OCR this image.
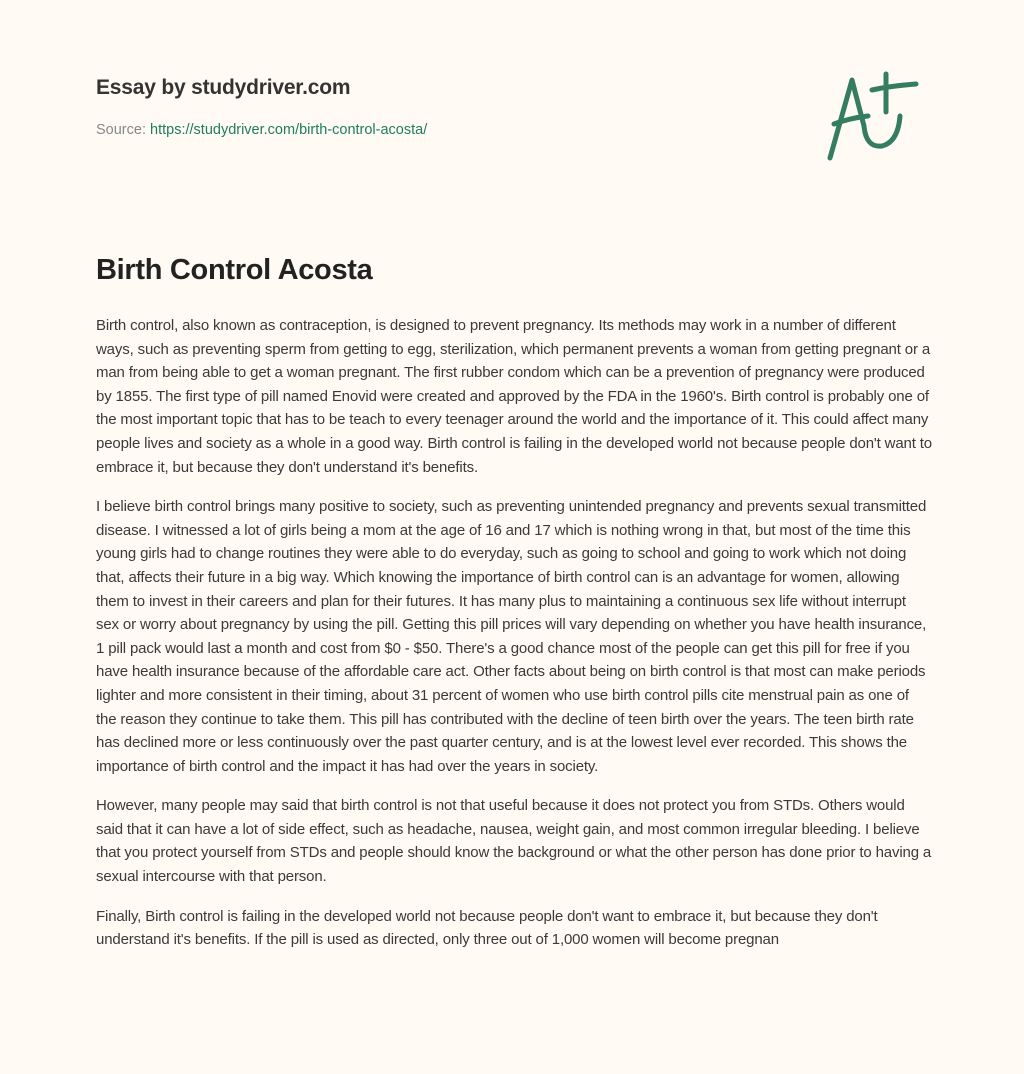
Essay by studydriver.com
Source: https://studydriver.com/birth-control-acosta/
Birth Control Acosta

Birth control, also known as contraception, is designed to prevent pregnancy. Its methods may work in a number of different ways, such as preventing sperm from getting to egg, sterilization, which permanent prevents a woman from getting pregnant or a man from being able to get a woman pregnant. The first rubber condom which can be a prevention of pregnancy were produced by 1855. The first type of pill named Enovid were created and approved by the FDA in the 1960's. Birth control is probably one of the most important topic that has to be teach to every teenager around the world and the importance of it. This could affect many people lives and society as a whole in a good way. Birth control is failing in the developed world not because people don't want to embrace it, but because they don't understand it's benefits.

I believe birth control brings many positive to society, such as preventing unintended pregnancy and prevents sexual transmitted disease. I witnessed a lot of girls being a mom at the age of 16 and 17 which is nothing wrong in that, but most of the time this young girls had to change routines they were able to do everyday, such as going to school and going to work which not doing that, affects their future in a big way. Which knowing the importance of birth control can is an advantage for women, allowing them to invest in their careers and plan for their futures. It has many plus to maintaining a continuous sex life without interrupt sex or worry about pregnancy by using the pill. Getting this pill prices will vary depending on whether you have health insurance, 1 pill pack would last a month and cost from $0 - $50. There's a good chance most of the people can get this pill for free if you have health insurance because of the affordable care act. Other facts about being on birth control is that most can make periods lighter and more consistent in their timing, about 31 percent of women who use birth control pills cite menstrual pain as one of the reason they continue to take them. This pill has contributed with the decline of teen birth over the years. The teen birth rate has declined more or less continuously over the past quarter century, and is at the lowest level ever recorded. This shows the importance of birth control and the impact it has had over the years in society.

However, many people may said that birth control is not that useful because it does not protect you from STDs. Others would said that it can have a lot of side effect, such as headache, nausea, weight gain, and most common irregular bleeding. I believe that you protect yourself from STDs and people should know the background or what the other person has done prior to having a sexual intercourse with that person.

Finally, Birth control is failing in the developed world not because people don't want to embrace it, but because they don't understand it's benefits. If the pill is used as directed, only three out of 1,000 women will become pregnan
